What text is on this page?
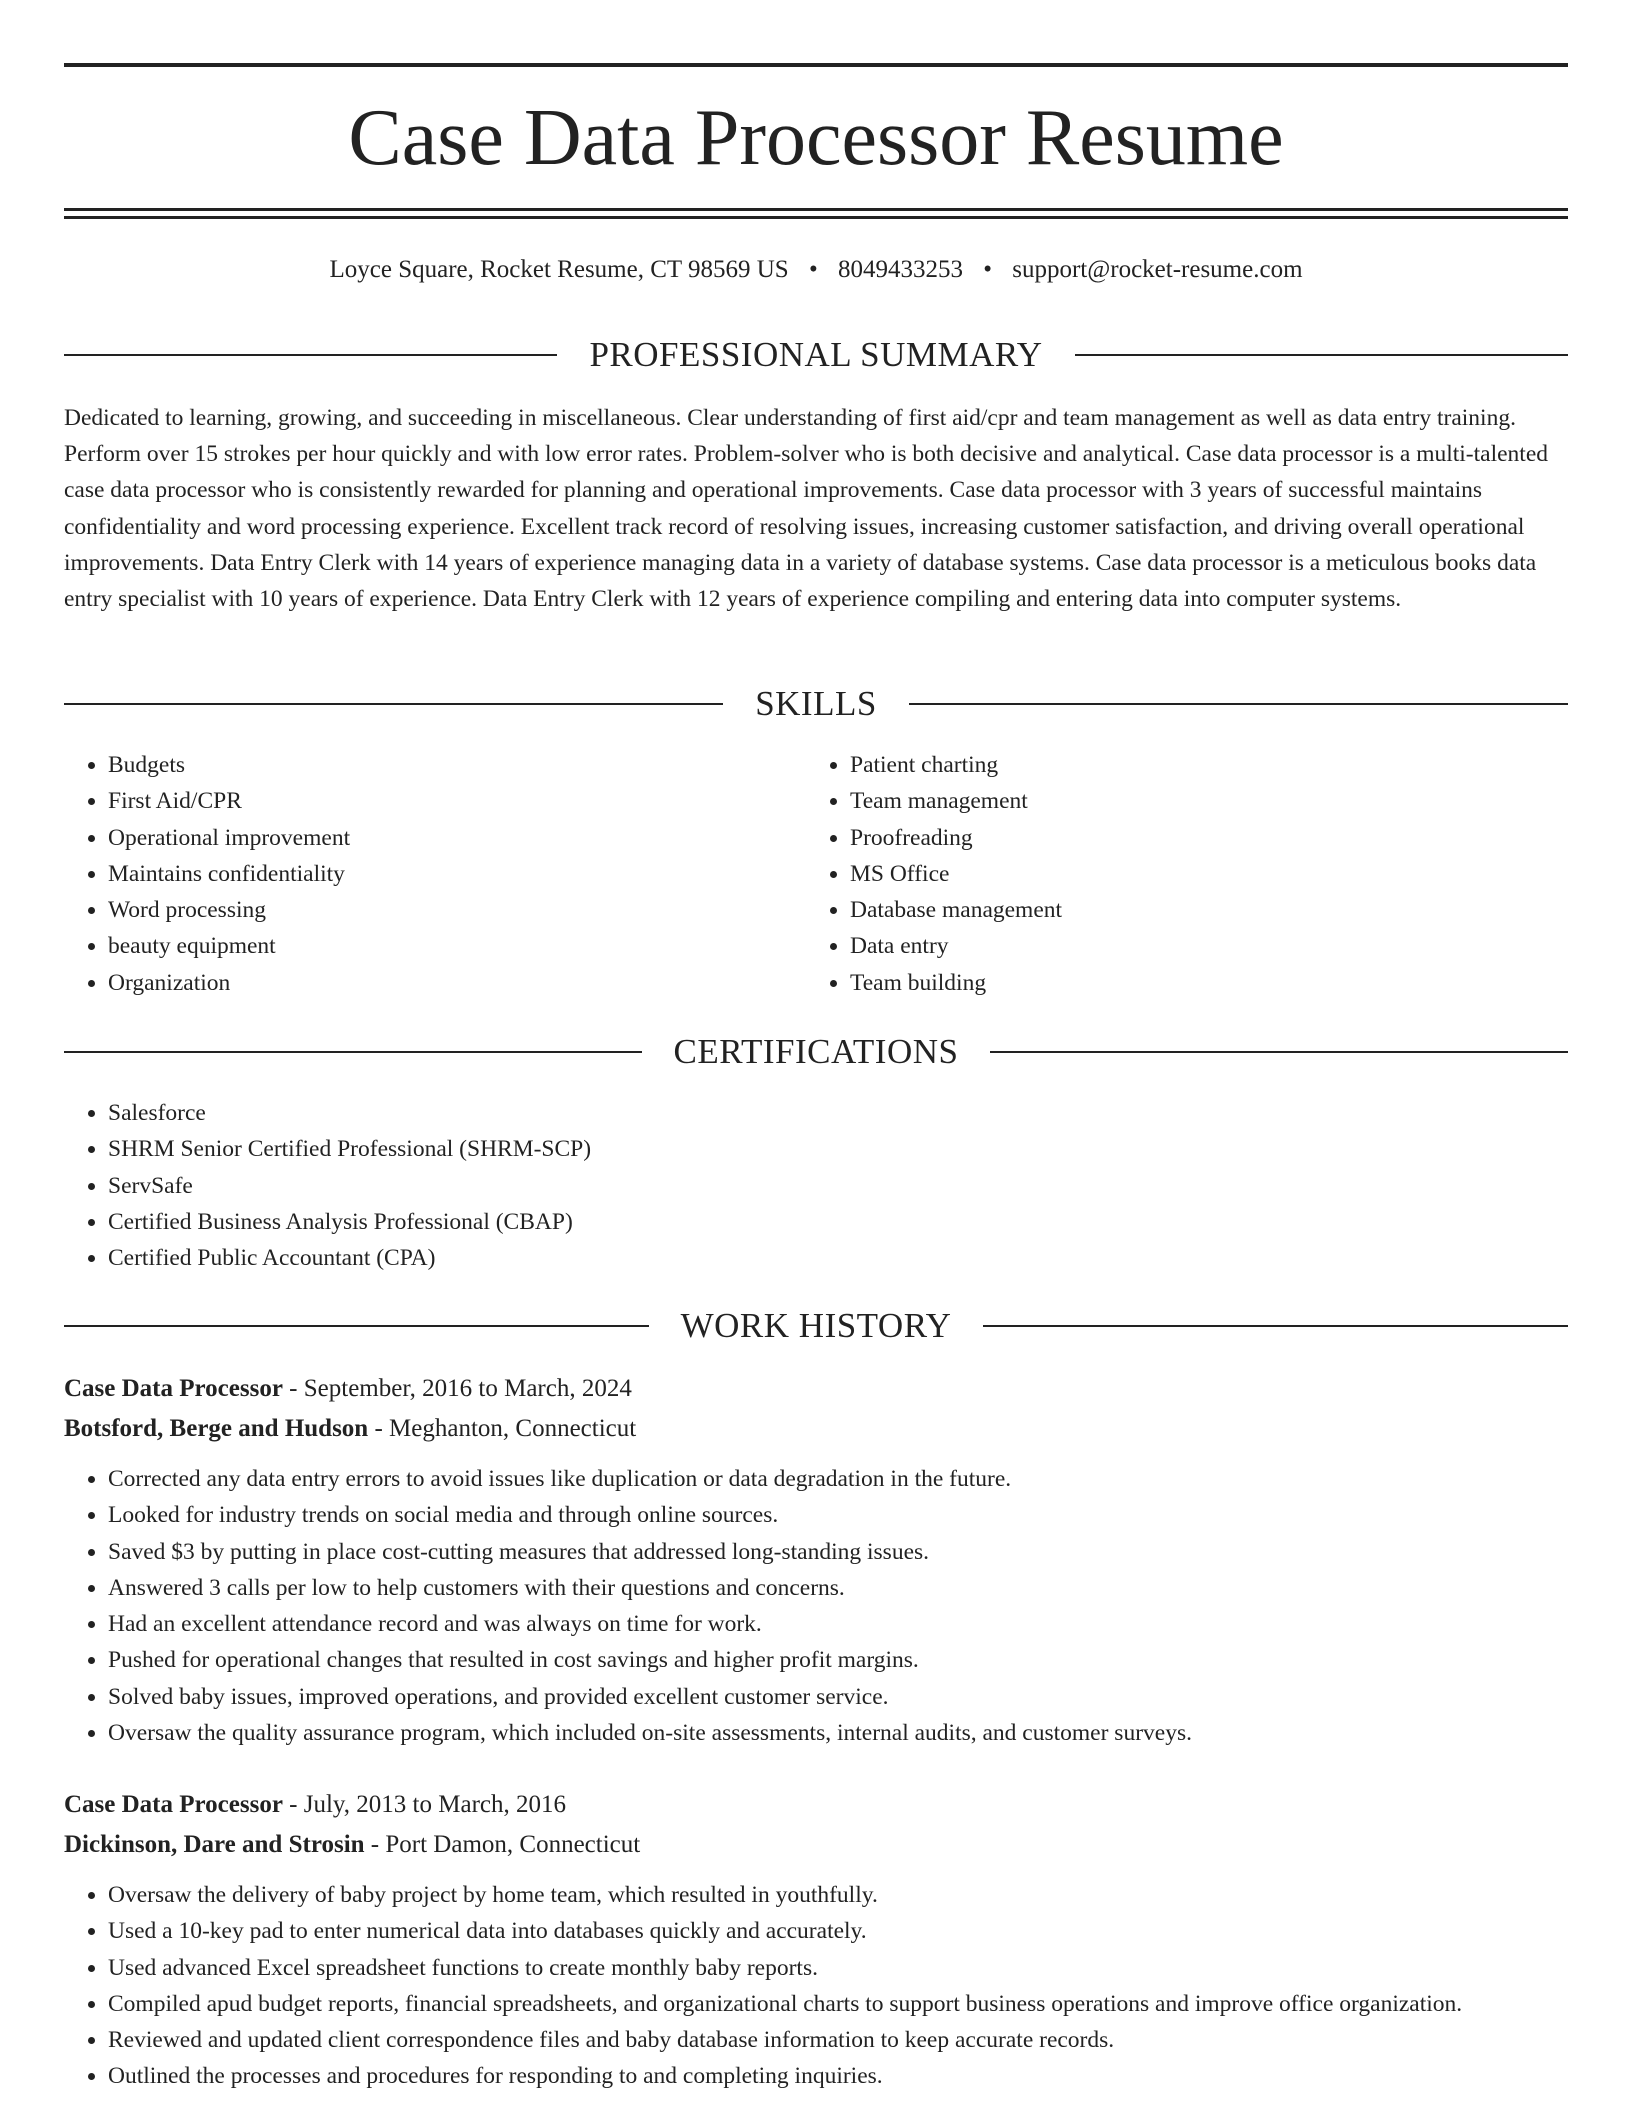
Case Data Processor Resume
Loyce Square, Rocket Resume, CT 98569 US • 8049433253 • support@rocket-resume.com
PROFESSIONAL SUMMARY

Dedicated to learning, growing, and succeeding in miscellaneous. Clear understanding of first aid/cpr and team management as well as data entry training. Perform over 15 strokes per hour quickly and with low error rates. Problem-solver who is both decisive and analytical. Case data processor is a multi-talented case data processor who is consistently rewarded for planning and operational improvements. Case data processor with 3 years of successful maintains confidentiality and word processing experience. Excellent track record of resolving issues, increasing customer satisfaction, and driving overall operational improvements. Data Entry Clerk with 14 years of experience managing data in a variety of database systems. Case data processor is a meticulous books data entry specialist with 10 years of experience. Data Entry Clerk with 12 years of experience compiling and entering data into computer systems.

SKILLS
• Budgets
• First Aid/CPR
• Operational improvement
• Maintains confidentiality
• Word processing
• beauty equipment
• Organization
• Patient charting
• Team management
• Proofreading
• MS Office
• Database management
• Data entry
• Team building
CERTIFICATIONS
• Salesforce
• SHRM Senior Certified Professional (SHRM-SCP)
• ServSafe
• Certified Business Analysis Professional (CBAP)
• Certified Public Accountant (CPA)
WORK HISTORY
Case Data Processor - September, 2016 to March, 2024
Botsford, Berge and Hudson - Meghanton, Connecticut
• Corrected any data entry errors to avoid issues like duplication or data degradation in the future.
• Looked for industry trends on social media and through online sources.
• Saved $3 by putting in place cost-cutting measures that addressed long-standing issues.
• Answered 3 calls per low to help customers with their questions and concerns.
• Had an excellent attendance record and was always on time for work.
• Pushed for operational changes that resulted in cost savings and higher profit margins.
• Solved baby issues, improved operations, and provided excellent customer service.
• Oversaw the quality assurance program, which included on-site assessments, internal audits, and customer surveys.
Case Data Processor - July, 2013 to March, 2016
Dickinson, Dare and Strosin - Port Damon, Connecticut
• Oversaw the delivery of baby project by home team, which resulted in youthfully.
• Used a 10-key pad to enter numerical data into databases quickly and accurately.
• Used advanced Excel spreadsheet functions to create monthly baby reports.
• Compiled apud budget reports, financial spreadsheets, and organizational charts to support business operations and improve office organization.
• Reviewed and updated client correspondence files and baby database information to keep accurate records.
• Outlined the processes and procedures for responding to and completing inquiries.
